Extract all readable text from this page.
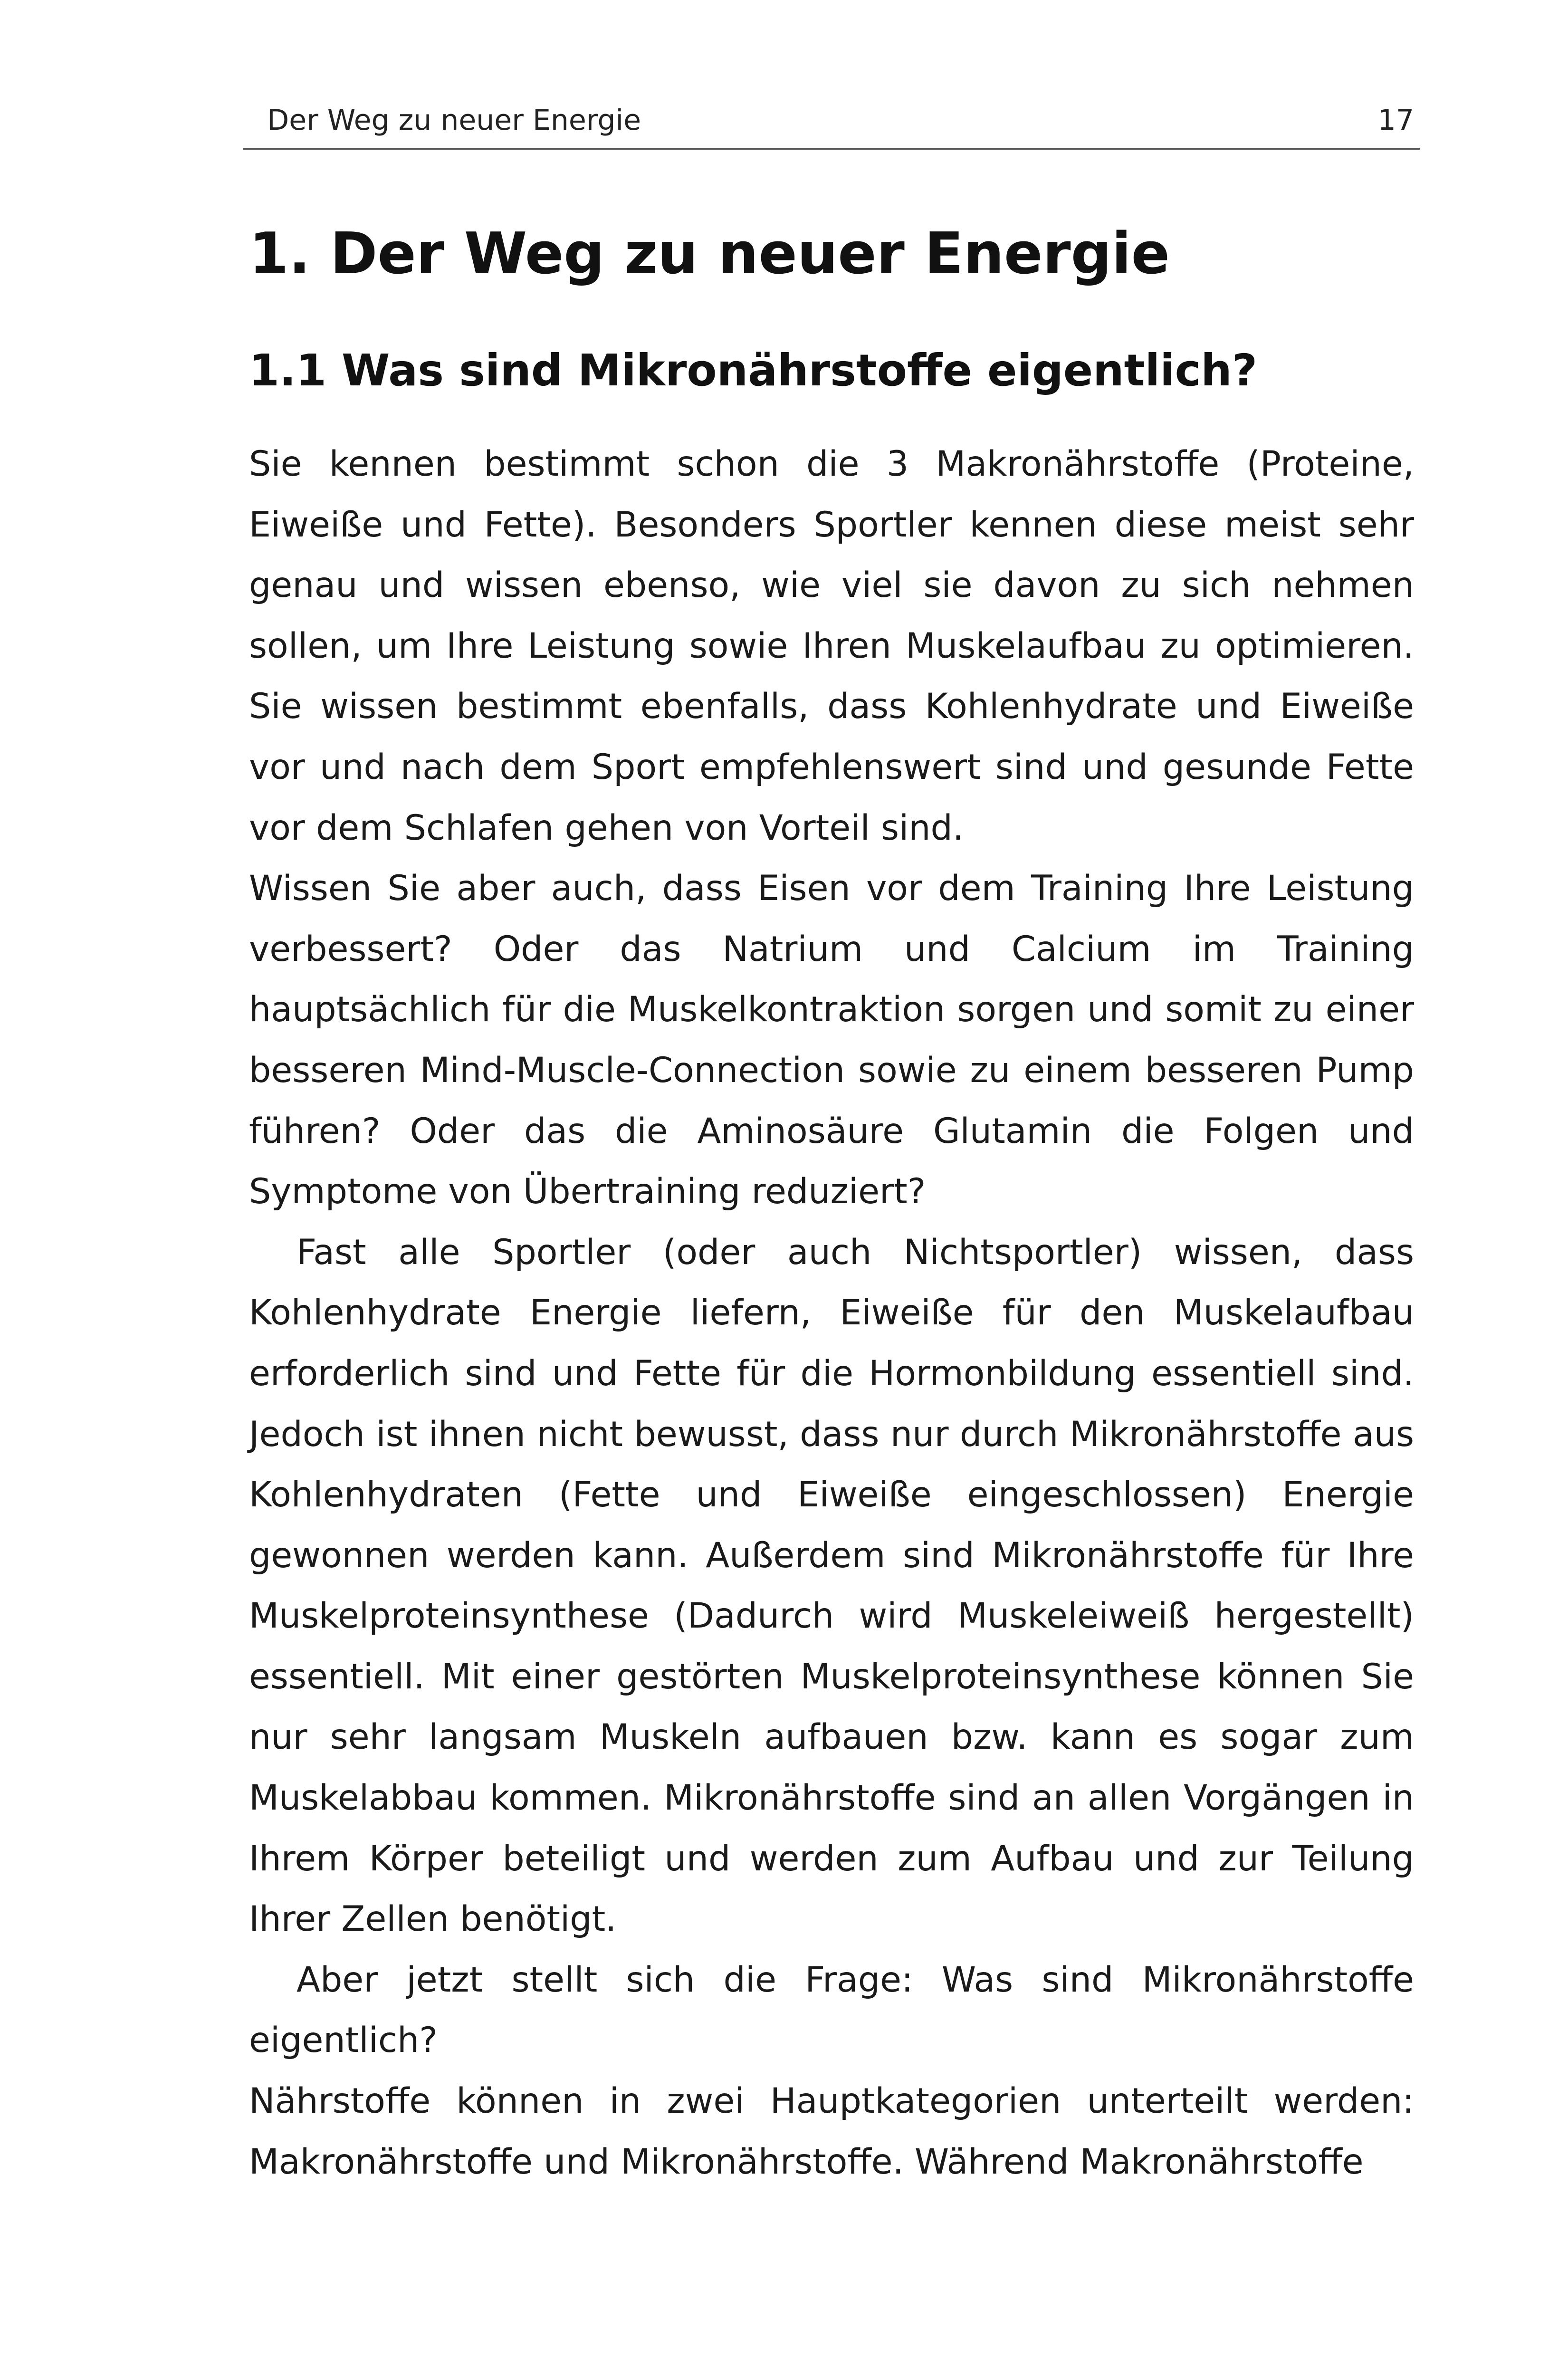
Der Weg zu neuer Energie	17
1. Der Weg zu neuer Energie
1.1 Was sind Mikronährstoffe eigentlich?

Sie kennen bestimmt schon die 3 Makronährstoffe (Proteine, Eiweiße und Fette). Besonders Sportler kennen diese meist sehr genau und wissen ebenso, wie viel sie davon zu sich nehmen sollen, um Ihre Leistung sowie Ihren Muskelaufbau zu optimieren. Sie wissen bestimmt ebenfalls, dass Kohlenhydrate und Eiweiße vor und nach dem Sport empfehlenswert sind und gesunde Fette vor dem Schlafen gehen von Vorteil sind.

Wissen Sie aber auch, dass Eisen vor dem Training Ihre Leistung verbessert? Oder das Natrium und Calcium im Training hauptsächlich für die Muskelkontraktion sorgen und somit zu einer besseren Mind-Muscle-Connection sowie zu einem besseren Pump führen? Oder das die Aminosäure Glutamin die Folgen und Symptome von Übertraining reduziert?

Fast alle Sportler (oder auch Nichtsportler) wissen, dass Kohlenhydrate Energie liefern, Eiweiße für den Muskelaufbau erforderlich sind und Fette für die Hormonbildung essentiell sind. Jedoch ist ihnen nicht bewusst, dass nur durch Mikronährstoffe aus Kohlenhydraten (Fette und Eiweiße eingeschlossen) Energie gewonnen werden kann. Außerdem sind Mikronährstoffe für Ihre Muskelproteinsynthese (Dadurch wird Muskeleiweiß hergestellt) essentiell. Mit einer gestörten Muskelproteinsynthese können Sie nur sehr langsam Muskeln aufbauen bzw. kann es sogar zum Muskelabbau kommen. Mikronährstoffe sind an allen Vorgängen in Ihrem Körper beteiligt und werden zum Aufbau und zur Teilung Ihrer Zellen benötigt.

Aber jetzt stellt sich die Frage: Was sind Mikronährstoffe eigentlich?

Nährstoffe können in zwei Hauptkategorien unterteilt werden: Makronährstoffe und Mikronährstoffe. Während Makronährstoffe
